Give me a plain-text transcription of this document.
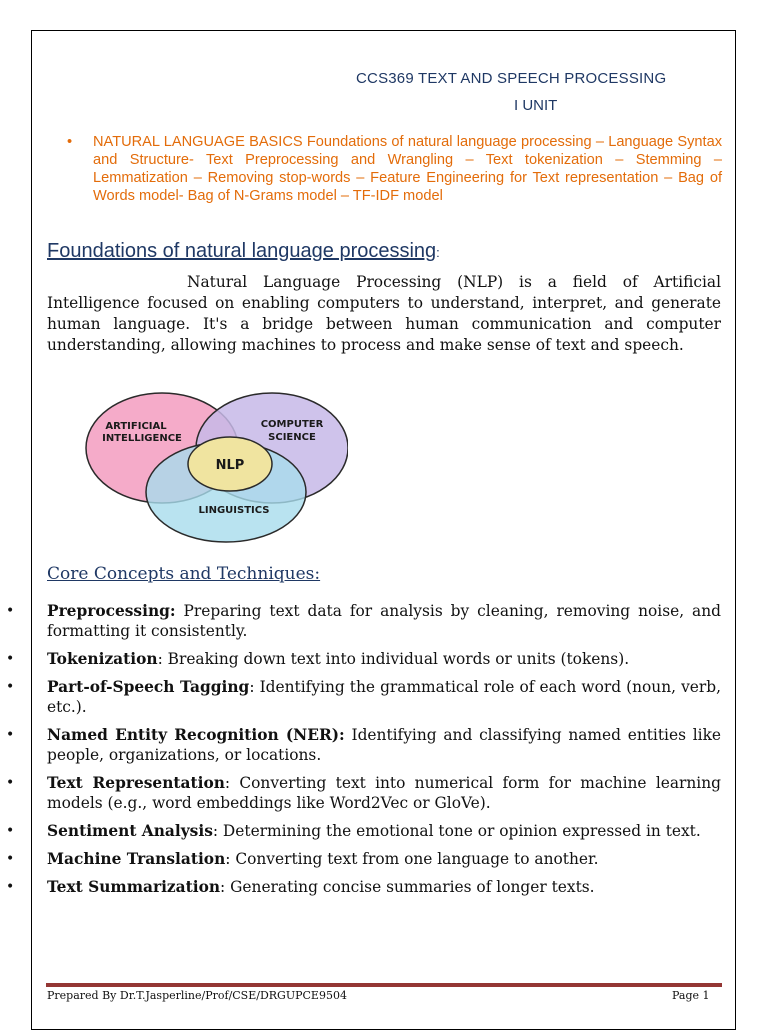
CCS369 TEXT AND SPEECH PROCESSING
I UNIT
• NATURAL LANGUAGE BASICS Foundations of natural language processing – Language Syntax and Structure- Text Preprocessing and Wrangling – Text tokenization – Stemming – Lemmatization – Removing stop-words – Feature Engineering for Text representation – Bag of Words model- Bag of N-Grams model – TF-IDF model
Foundations of natural language processing:
Natural Language Processing (NLP) is a field of Artificial Intelligence focused on enabling computers to understand, interpret, and generate human language. It's a bridge between human communication and computer understanding, allowing machines to process and make sense of text and speech.
ARTIFICIAL
INTELLIGENCE
COMPUTER
SCIENCE
NLP
LINGUISTICS
Core Concepts and Techniques:
• Preprocessing: Preparing text data for analysis by cleaning, removing noise, and formatting it consistently.
• Tokenization: Breaking down text into individual words or units (tokens).
• Part-of-Speech Tagging: Identifying the grammatical role of each word (noun, verb, etc.).
• Named Entity Recognition (NER): Identifying and classifying named entities like people, organizations, or locations.
• Text Representation: Converting text into numerical form for machine learning models (e.g., word embeddings like Word2Vec or GloVe).
• Sentiment Analysis: Determining the emotional tone or opinion expressed in text.
• Machine Translation: Converting text from one language to another.
• Text Summarization: Generating concise summaries of longer texts.
Prepared By Dr.T.Jasperline/Prof/CSE/DRGUPCE9504	Page 1
